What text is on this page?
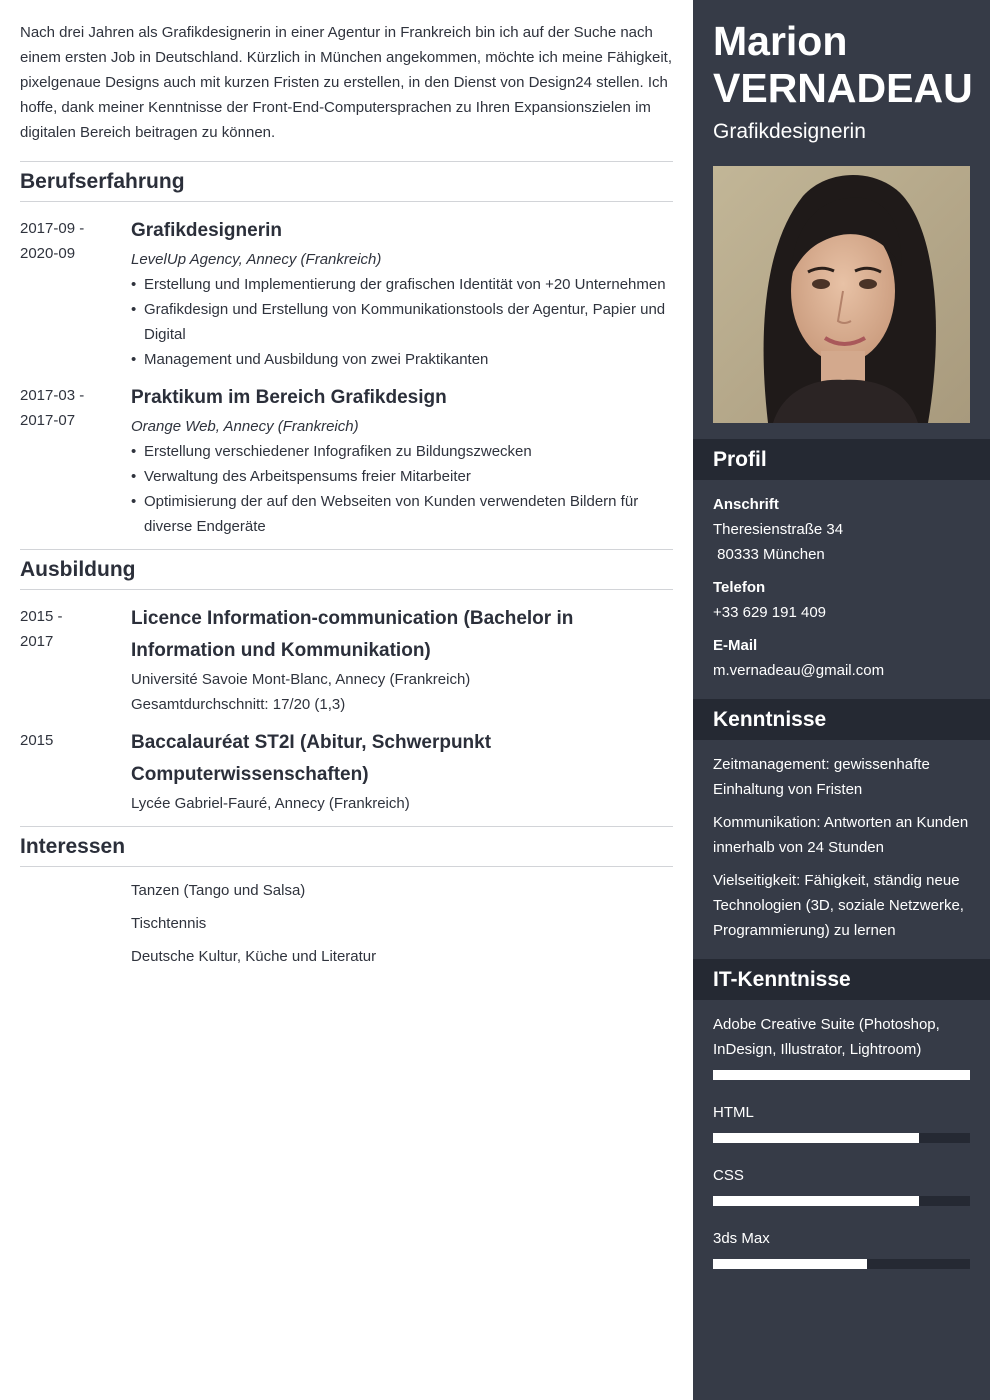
Nach drei Jahren als Grafikdesignerin in einer Agentur in Frankreich bin ich auf der Suche nach einem ersten Job in Deutschland. Kürzlich in München angekommen, möchte ich meine Fähigkeit, pixelgenaue Designs auch mit kurzen Fristen zu erstellen, in den Dienst von Design24 stellen. Ich hoffe, dank meiner Kenntnisse der Front-End-Computersprachen zu Ihren Expansionszielen im digitalen Bereich beitragen zu können.

Berufserfahrung
2017-09 -
2020-09
Grafikdesignerin
LevelUp Agency, Annecy (Frankreich)
• Erstellung und Implementierung der grafischen Identität von +20 Unternehmen
• Grafikdesign und Erstellung von Kommunikationstools der Agentur, Papier und Digital
• Management und Ausbildung von zwei Praktikanten
2017-03 -
2017-07
Praktikum im Bereich Grafikdesign
Orange Web, Annecy (Frankreich)
• Erstellung verschiedener Infografiken zu Bildungszwecken
• Verwaltung des Arbeitspensums freier Mitarbeiter
• Optimisierung der auf den Webseiten von Kunden verwendeten Bildern für diverse Endgeräte
Ausbildung
2015 -
2017
Licence Information-communication (Bachelor in Information und Kommunikation)
Université Savoie Mont-Blanc, Annecy (Frankreich)
Gesamtdurchschnitt: 17/20 (1,3)
2015	Baccalauréat ST2I (Abitur, Schwerpunkt Computerwissenschaften)
Lycée Gabriel-Fauré, Annecy (Frankreich)
Interessen
Tanzen (Tango und Salsa)
Tischtennis
Deutsche Kultur, Küche und Literatur
Marion
VERNADEAU
Grafikdesignerin
Profil
Anschrift
Theresienstraße 34
80333 München
Telefon
+33 629 191 409
E-Mail
m.vernadeau@gmail.com
Kenntnisse
Zeitmanagement: gewissenhafte Einhaltung von Fristen
Kommunikation: Antworten an Kunden innerhalb von 24 Stunden
Vielseitigkeit: Fähigkeit, ständig neue Technologien (3D, soziale Netzwerke, Programmierung) zu lernen
IT-Kenntnisse
Adobe Creative Suite (Photoshop, InDesign, Illustrator, Lightroom)
HTML
CSS
3ds Max
